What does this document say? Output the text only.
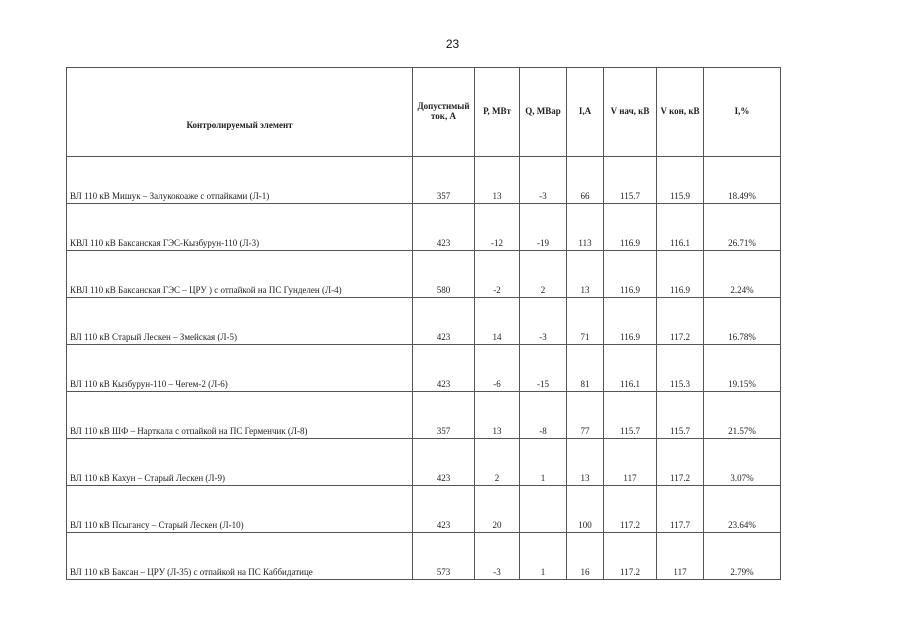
23
Контролируемый элемент	Допустимый ток, А	Р, МВт	Q, МВар	I,А	V нач, кВ	V кон, кВ	I,%
ВЛ 110 кВ Мишук – Залукокоаже с отпайками (Л-1)	357	13	-3	66	115.7	115.9	18.49%
КВЛ 110 кВ Баксанская ГЭС-Кызбурун-110 (Л-3)	423	-12	-19	113	116.9	116.1	26.71%
КВЛ 110 кВ Баксанская ГЭС – ЦРУ ) с отпайкой на ПС Гунделен (Л-4)	580	-2	2	13	116.9	116.9	2.24%
ВЛ 110 кВ Старый Лескен – Змейская (Л-5)	423	14	-3	71	116.9	117.2	16.78%
ВЛ 110 кВ Кызбурун-110 – Чегем-2 (Л-6)	423	-6	-15	81	116.1	115.3	19.15%
ВЛ 110 кВ ШФ – Нарткала с отпайкой на ПС Герменчик (Л-8)	357	13	-8	77	115.7	115.7	21.57%
ВЛ 110 кВ Кахун – Старый Лескен (Л-9)	423	2	1	13	117	117.2	3.07%
ВЛ 110 кВ Псыгансу – Старый Лескен (Л-10)	423	20		100	117.2	117.7	23.64%
ВЛ 110 кВ Баксан – ЦРУ (Л-35) с отпайкой на ПС Каббидатице	573	-3	1	16	117.2	117	2.79%
